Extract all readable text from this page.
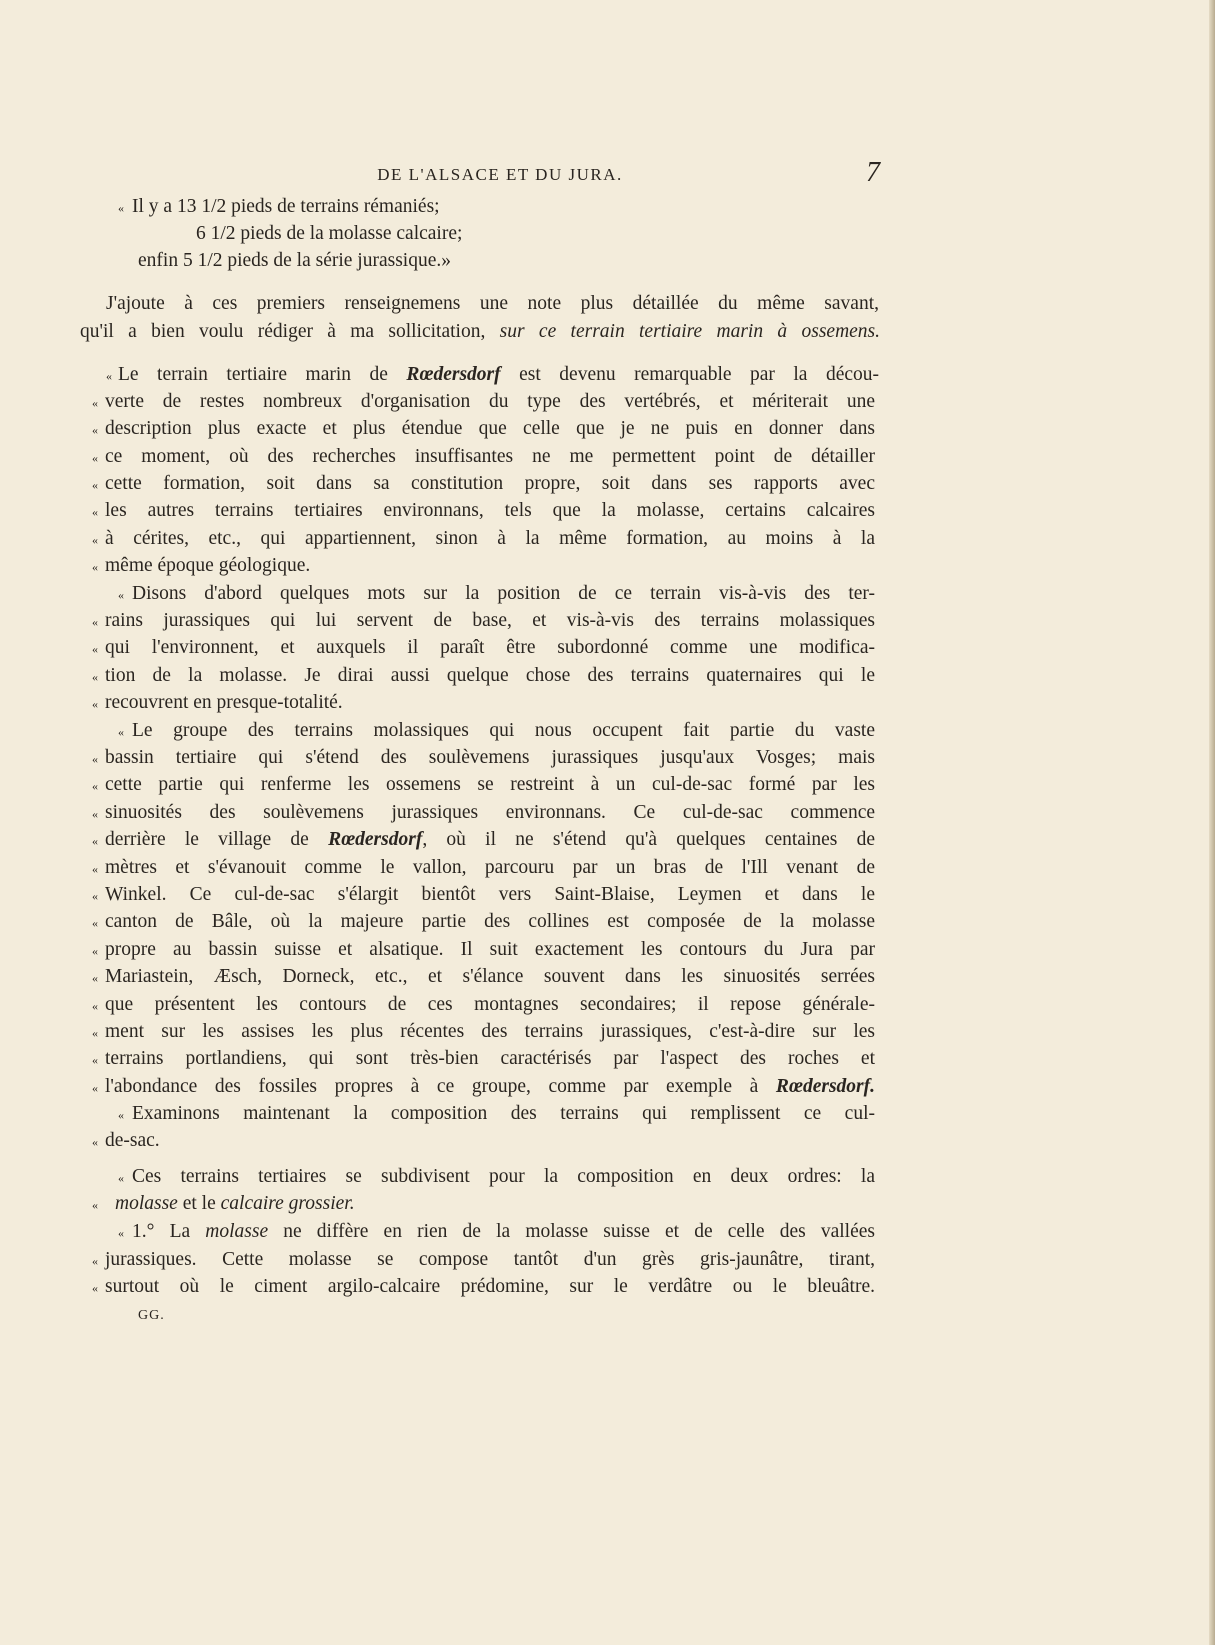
DE L'ALSACE ET DU JURA.	7
« Il y a 13 1/2 pieds de terrains rémaniés;
6 1/2 pieds de la molasse calcaire;
enfin 5 1/2 pieds de la série jurassique.»
J'ajoute à ces premiers renseignemens une note plus détaillée du même savant,
qu'il a bien voulu rédiger à ma sollicitation, sur ce terrain tertiaire marin à ossemens.
« Le terrain tertiaire marin de Rœdersdorf est devenu remarquable par la décou-
« verte de restes nombreux d'organisation du type des vertébrés, et mériterait une
« description plus exacte et plus étendue que celle que je ne puis en donner dans
« ce moment, où des recherches insuffisantes ne me permettent point de détailler
« cette formation, soit dans sa constitution propre, soit dans ses rapports avec
« les autres terrains tertiaires environnans, tels que la molasse, certains calcaires
« à cérites, etc., qui appartiennent, sinon à la même formation, au moins à la
« même époque géologique.
« Disons d'abord quelques mots sur la position de ce terrain vis-à-vis des ter-
« rains jurassiques qui lui servent de base, et vis-à-vis des terrains molassiques
« qui l'environnent, et auxquels il paraît être subordonné comme une modifica-
« tion de la molasse. Je dirai aussi quelque chose des terrains quaternaires qui le
« recouvrent en presque-totalité.
« Le groupe des terrains molassiques qui nous occupent fait partie du vaste
« bassin tertiaire qui s'étend des soulèvemens jurassiques jusqu'aux Vosges; mais
« cette partie qui renferme les ossemens se restreint à un cul-de-sac formé par les
« sinuosités des soulèvemens jurassiques environnans. Ce cul-de-sac commence
« derrière le village de Rœdersdorf, où il ne s'étend qu'à quelques centaines de
« mètres et s'évanouit comme le vallon, parcouru par un bras de l'Ill venant de
« Winkel. Ce cul-de-sac s'élargit bientôt vers Saint-Blaise, Leymen et dans le
« canton de Bâle, où la majeure partie des collines est composée de la molasse
« propre au bassin suisse et alsatique. Il suit exactement les contours du Jura par
« Mariastein, Æsch, Dorneck, etc., et s'élance souvent dans les sinuosités serrées
« que présentent les contours de ces montagnes secondaires; il repose générale-
« ment sur les assises les plus récentes des terrains jurassiques, c'est-à-dire sur les
« terrains portlandiens, qui sont très-bien caractérisés par l'aspect des roches et
« l'abondance des fossiles propres à ce groupe, comme par exemple à Rœdersdorf.
« Examinons maintenant la composition des terrains qui remplissent ce cul-
« de-sac.
« Ces terrains tertiaires se subdivisent pour la composition en deux ordres: la
« molasse et le calcaire grossier.
« 1.° La molasse ne diffère en rien de la molasse suisse et de celle des vallées
« jurassiques. Cette molasse se compose tantôt d'un grès gris-jaunâtre, tirant,
« surtout où le ciment argilo-calcaire prédomine, sur le verdâtre ou le bleuâtre.
GG.
